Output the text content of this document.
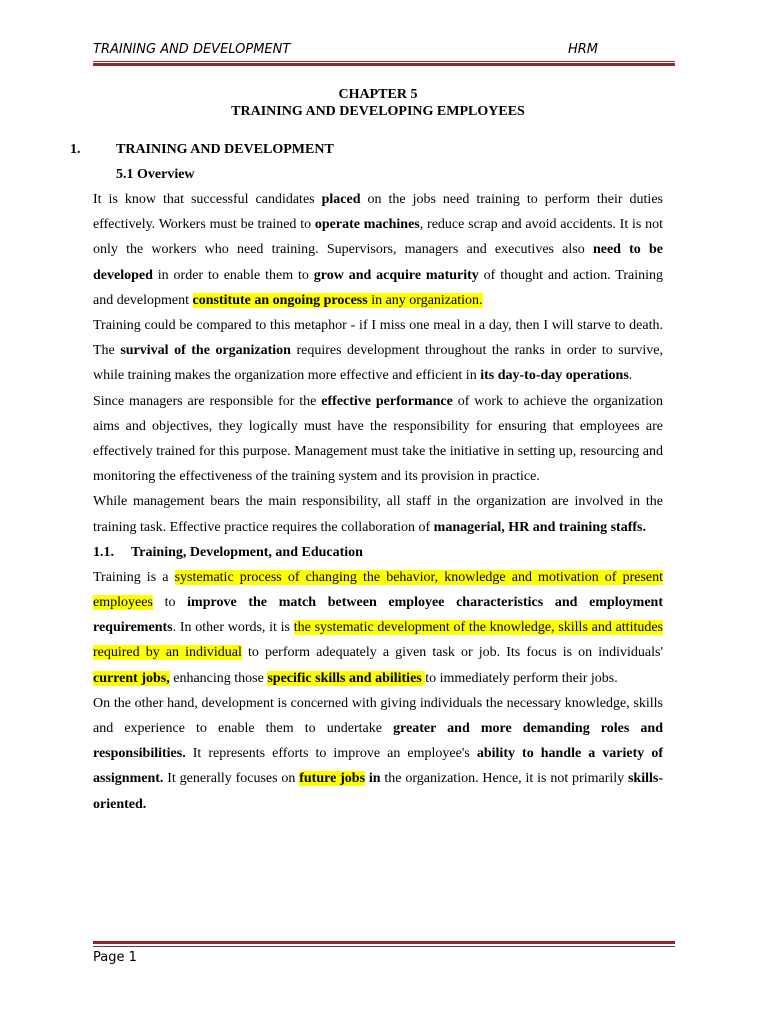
TRAINING AND DEVELOPMENT	HRM
CHAPTER 5
TRAINING AND DEVELOPING EMPLOYEES
1.	TRAINING AND DEVELOPMENT
5.1 Overview

It is know that successful candidates placed on the jobs need training to perform their duties effectively. Workers must be trained to operate machines, reduce scrap and avoid accidents. It is not only the workers who need training. Supervisors, managers and executives also need to be developed in order to enable them to grow and acquire maturity of thought and action. Training and development constitute an ongoing process in any organization.

Training could be compared to this metaphor - if I miss one meal in a day, then I will starve to death. The survival of the organization requires development throughout the ranks in order to survive, while training makes the organization more effective and efficient in its day-to-day operations.

Since managers are responsible for the effective performance of work to achieve the organization aims and objectives, they logically must have the responsibility for ensuring that employees are effectively trained for this purpose. Management must take the initiative in setting up, resourcing and monitoring the effectiveness of the training system and its provision in practice.

While management bears the main responsibility, all staff in the organization are involved in the training task. Effective practice requires the collaboration of managerial, HR and training staffs.

1.1. Training, Development, and Education

Training is a systematic process of changing the behavior, knowledge and motivation of present employees to improve the match between employee characteristics and employment requirements. In other words, it is the systematic development of the knowledge, skills and attitudes required by an individual to perform adequately a given task or job. Its focus is on individuals' current jobs, enhancing those specific skills and abilities to immediately perform their jobs.

On the other hand, development is concerned with giving individuals the necessary knowledge, skills and experience to enable them to undertake greater and more demanding roles and responsibilities. It represents efforts to improve an employee's ability to handle a variety of assignment. It generally focuses on future jobs in the organization. Hence, it is not primarily skills-oriented.

Page 1
